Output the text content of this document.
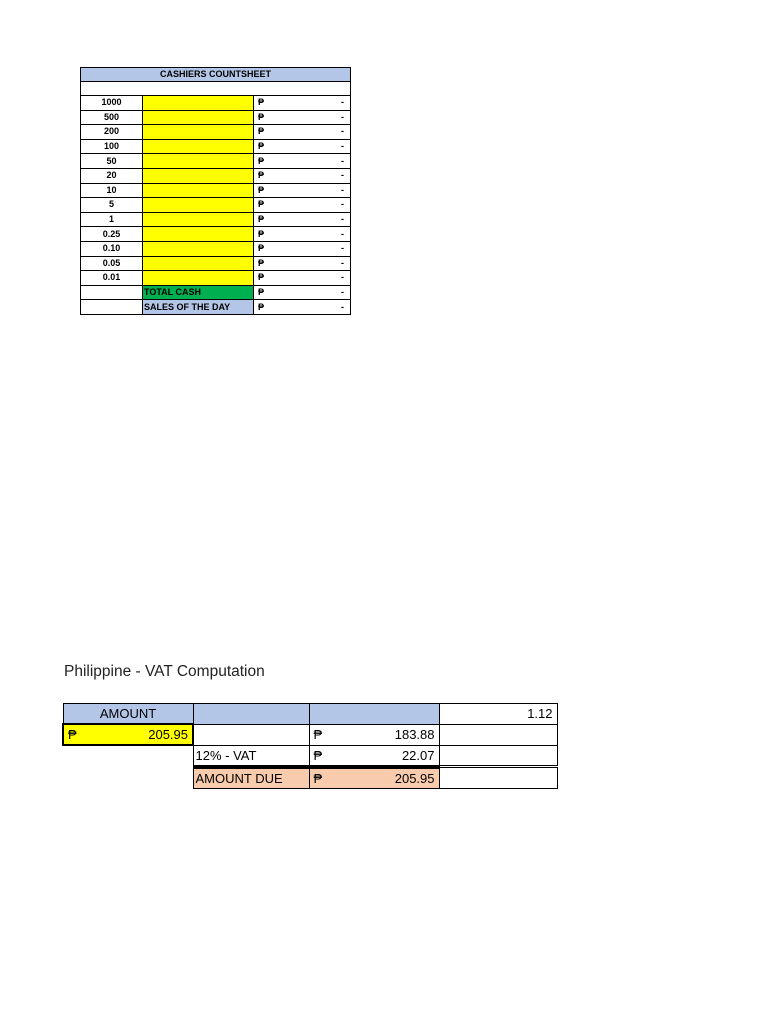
CASHIERS COUNTSHEET		

1000		₱ -

500		₱ -

200		₱ -

100		₱ -

50		₱ -

20		₱ -

10		₱ -

5		₱ -

1		₱ -

0.25		₱ -

0.10		₱ -

0.05		₱ -

0.01		₱ -

	TOTAL CASH	₱ -

	SALES OF THE DAY	₱ -
Philippine - VAT Computation
AMOUNT			1.12

₱ 205.95		₱ 183.88	

	12% - VAT	₱ 22.07	

	AMOUNT DUE	₱ 205.95	
